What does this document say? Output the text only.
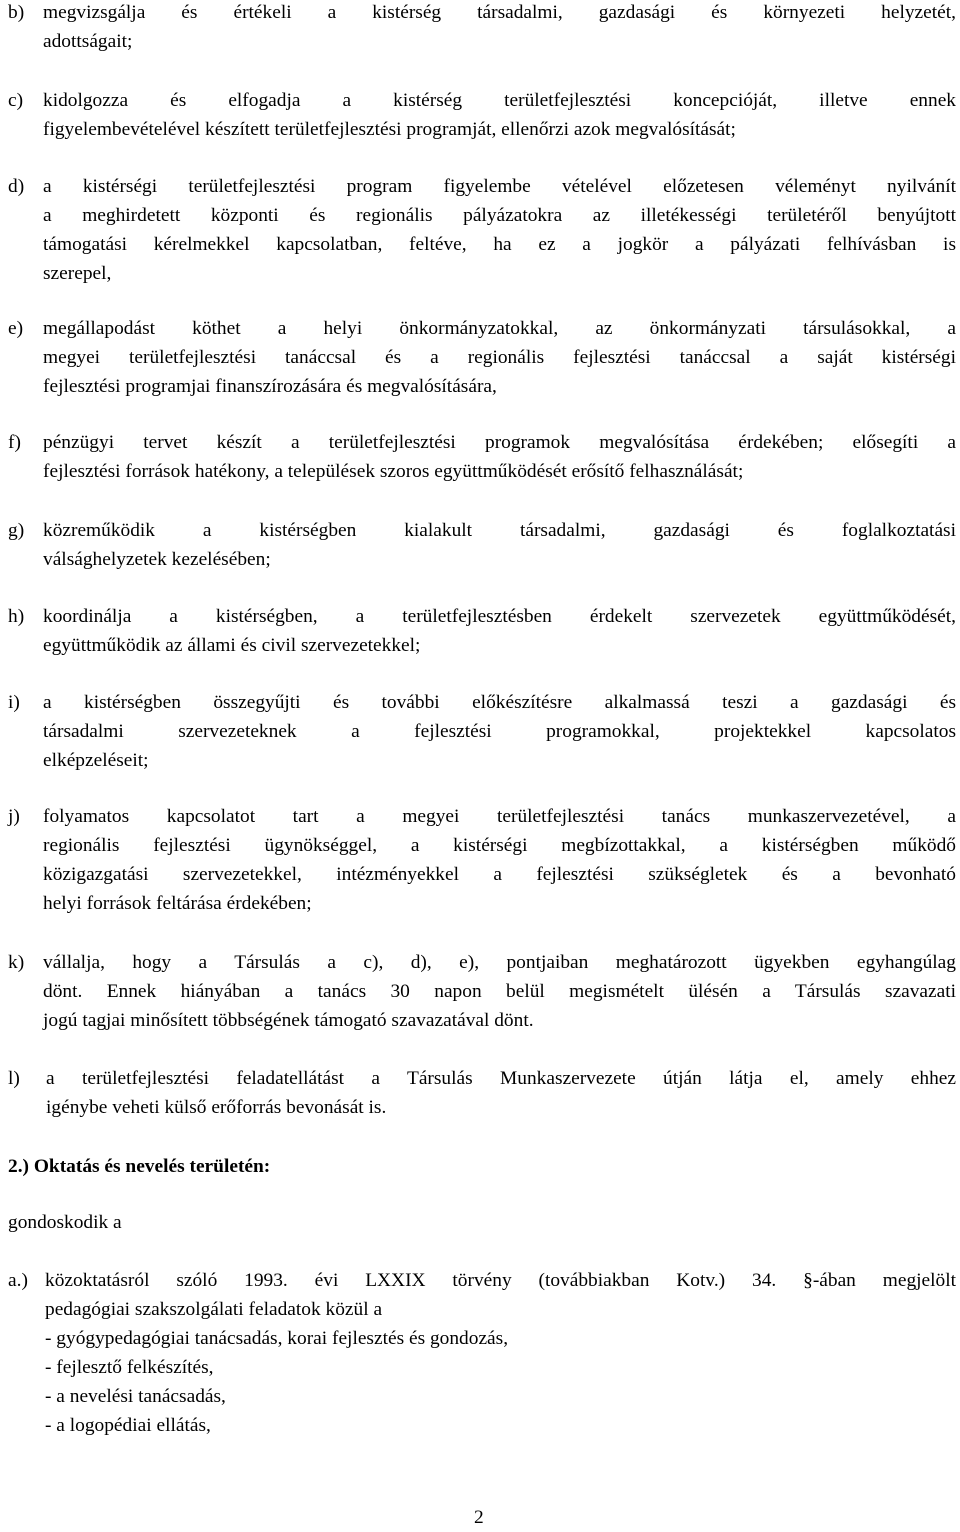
b) megvizsgálja és értékeli a kistérség társadalmi, gazdasági és környezeti helyzetét,
adottságait;
c) kidolgozza és elfogadja a kistérség területfejlesztési koncepcióját, illetve ennek
figyelembevételével készített területfejlesztési programját, ellenőrzi azok megvalósítását;
d) a kistérségi területfejlesztési program figyelembe vételével előzetesen véleményt nyilvánít
a meghirdetett központi és regionális pályázatokra az illetékességi területéről benyújtott
támogatási kérelmekkel kapcsolatban, feltéve, ha ez a jogkör a pályázati felhívásban is
szerepel,
e) megállapodást köthet a helyi önkormányzatokkal, az önkormányzati társulásokkal, a
megyei területfejlesztési tanáccsal és a regionális fejlesztési tanáccsal a saját kistérségi
fejlesztési programjai finanszírozására és megvalósítására,
f) pénzügyi tervet készít a területfejlesztési programok megvalósítása érdekében; elősegíti a
fejlesztési források hatékony, a települések szoros együttműködését erősítő felhasználását;
g) közreműködik a kistérségben kialakult társadalmi, gazdasági és foglalkoztatási
válsághelyzetek kezelésében;
h) koordinálja a kistérségben, a területfejlesztésben érdekelt szervezetek együttműködését,
együttműködik az állami és civil szervezetekkel;
i) a kistérségben összegyűjti és további előkészítésre alkalmassá teszi a gazdasági és
társadalmi szervezeteknek a fejlesztési programokkal, projektekkel kapcsolatos
elképzeléseit;
j) folyamatos kapcsolatot tart a megyei területfejlesztési tanács munkaszervezetével, a
regionális fejlesztési ügynökséggel, a kistérségi megbízottakkal, a kistérségben működő
közigazgatási szervezetekkel, intézményekkel a fejlesztési szükségletek és a bevonható
helyi források feltárása érdekében;
k) vállalja, hogy a Társulás a c), d), e), pontjaiban meghatározott ügyekben egyhangúlag
dönt. Ennek hiányában a tanács 30 napon belül megismételt ülésén a Társulás szavazati
jogú tagjai minősített többségének támogató szavazatával dönt.
l) a területfejlesztési feladatellátást a Társulás Munkaszervezete útján látja el, amely ehhez
igénybe veheti külső erőforrás bevonását is.
2.) Oktatás és nevelés területén:
gondoskodik a
a.) közoktatásról szóló 1993. évi LXXIX törvény (továbbiakban Kotv.) 34. §-ában megjelölt
pedagógiai szakszolgálati feladatok közül a
- gyógypedagógiai tanácsadás, korai fejlesztés és gondozás,
- fejlesztő felkészítés,
- a nevelési tanácsadás,
- a logopédiai ellátás,
2
